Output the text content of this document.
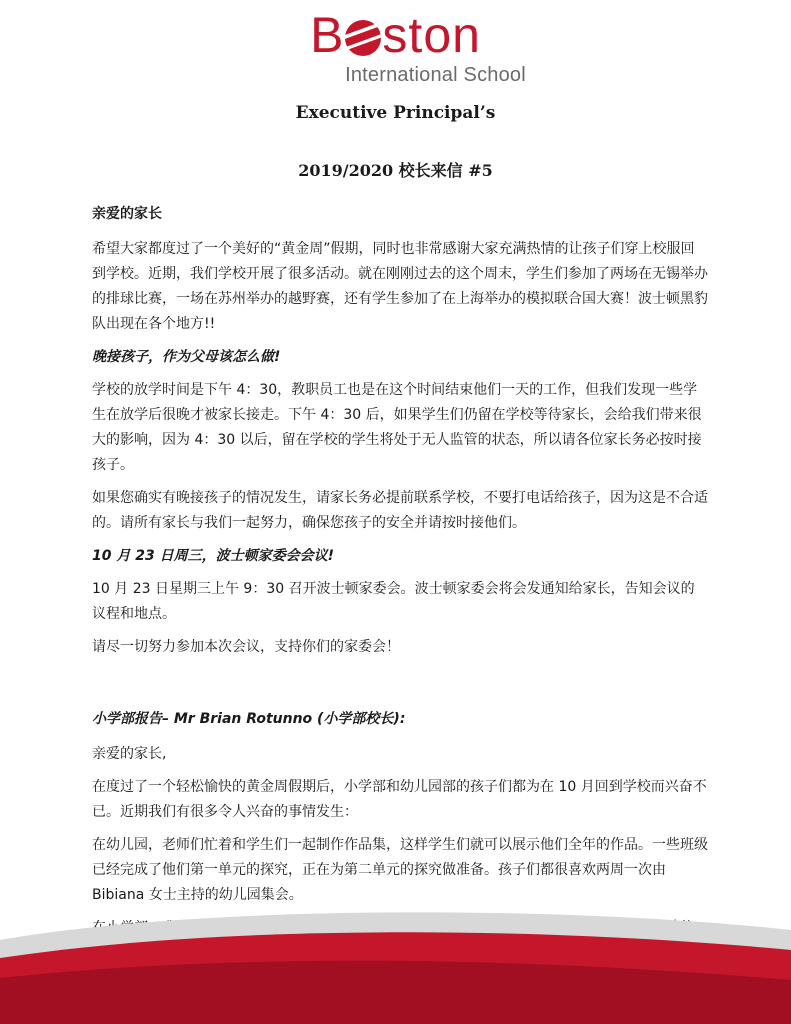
B ston
International School
Executive Principal’s
2019/2020 校长来信 #5

亲爱的家长

希望大家都度过了一个美好的“黄金周”假期，同时也非常感谢大家充满热情的让孩子们穿上校服回到学校。近期，我们学校开展了很多活动。就在刚刚过去的这个周末，学生们参加了两场在无锡举办的排球比赛，一场在苏州举办的越野赛，还有学生参加了在上海举办的模拟联合国大赛！波士顿黑豹队出现在各个地方!!

晚接孩子，作为父母该怎么做!

学校的放学时间是下午 4：30，教职员工也是在这个时间结束他们一天的工作，但我们发现一些学生在放学后很晚才被家长接走。下午 4：30 后，如果学生们仍留在学校等待家长，会给我们带来很大的影响，因为 4：30 以后，留在学校的学生将处于无人监管的状态，所以请各位家长务必按时接孩子。

如果您确实有晚接孩子的情况发生，请家长务必提前联系学校，不要打电话给孩子，因为这是不合适的。请所有家长与我们一起努力，确保您孩子的安全并请按时接他们。

10 月 23 日周三，波士顿家委会会议!

10 月 23 日星期三上午 9：30 召开波士顿家委会。波士顿家委会将会发通知给家长，告知会议的议程和地点。

请尽一切努力参加本次会议，支持你们的家委会！

小学部报告– Mr Brian Rotunno (小学部校长):

亲爱的家长,

在度过了一个轻松愉快的黄金周假期后，小学部和幼儿园部的孩子们都为在 10 月回到学校而兴奋不已。近期我们有很多令人兴奋的事情发生：

在幼儿园，老师们忙着和学生们一起制作作品集，这样学生们就可以展示他们全年的作品。一些班级已经完成了他们第一单元的探究，正在为第二单元的探究做准备。孩子们都很喜欢两周一次由 Bibiana 女士主持的幼儿园集会。
